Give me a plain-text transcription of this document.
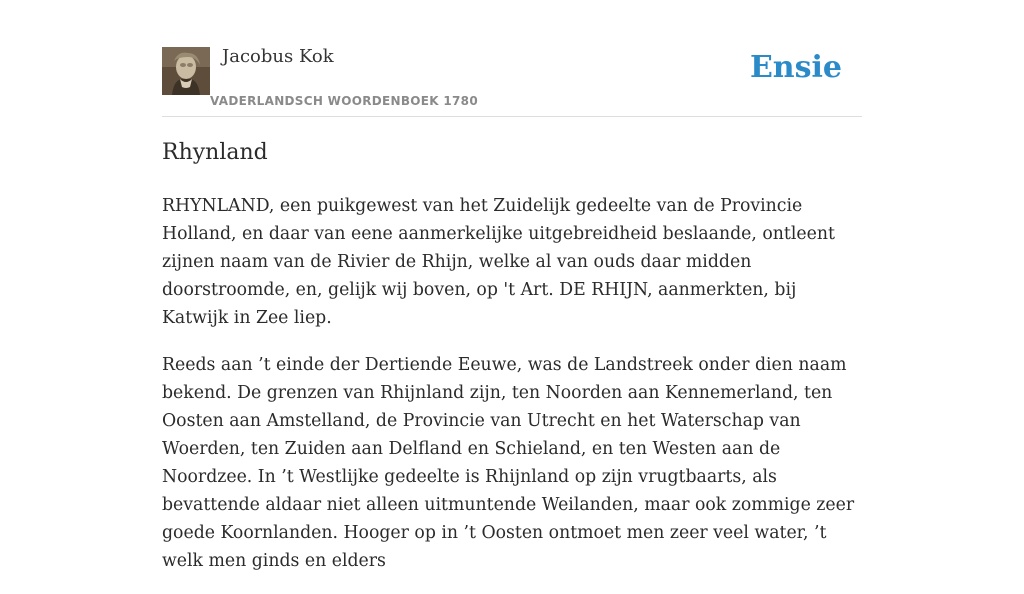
Jacobus Kok
VADERLANDSCH WOORDENBOEK 1780
Ensie
Rhynland

RHYNLAND, een puikgewest van het Zuidelijk gedeelte van de Provincie Holland, en daar van eene aanmerkelijke uitgebreidheid beslaande, ontleent zijnen naam van de Rivier de Rhijn, welke al van ouds daar midden doorstroomde, en, gelijk wij boven, op 't Art. DE RHIJN, aanmerkten, bij Katwijk in Zee liep.

Reeds aan ’t einde der Dertiende Eeuwe, was de Landstreek onder dien naam bekend. De grenzen van Rhijnland zijn, ten Noorden aan Kennemerland, ten Oosten aan Amstelland, de Provincie van Utrecht en het Waterschap van Woerden, ten Zuiden aan Delfland en Schieland, en ten Westen aan de Noordzee. In ’t Westlijke gedeelte is Rhijnland op zijn vrugtbaarts, als bevattende aldaar niet alleen uitmuntende Weilanden, maar ook zommige zeer goede Koornlanden. Hooger op in ’t Oosten ontmoet men zeer veel water, ’t welk men ginds en elders
